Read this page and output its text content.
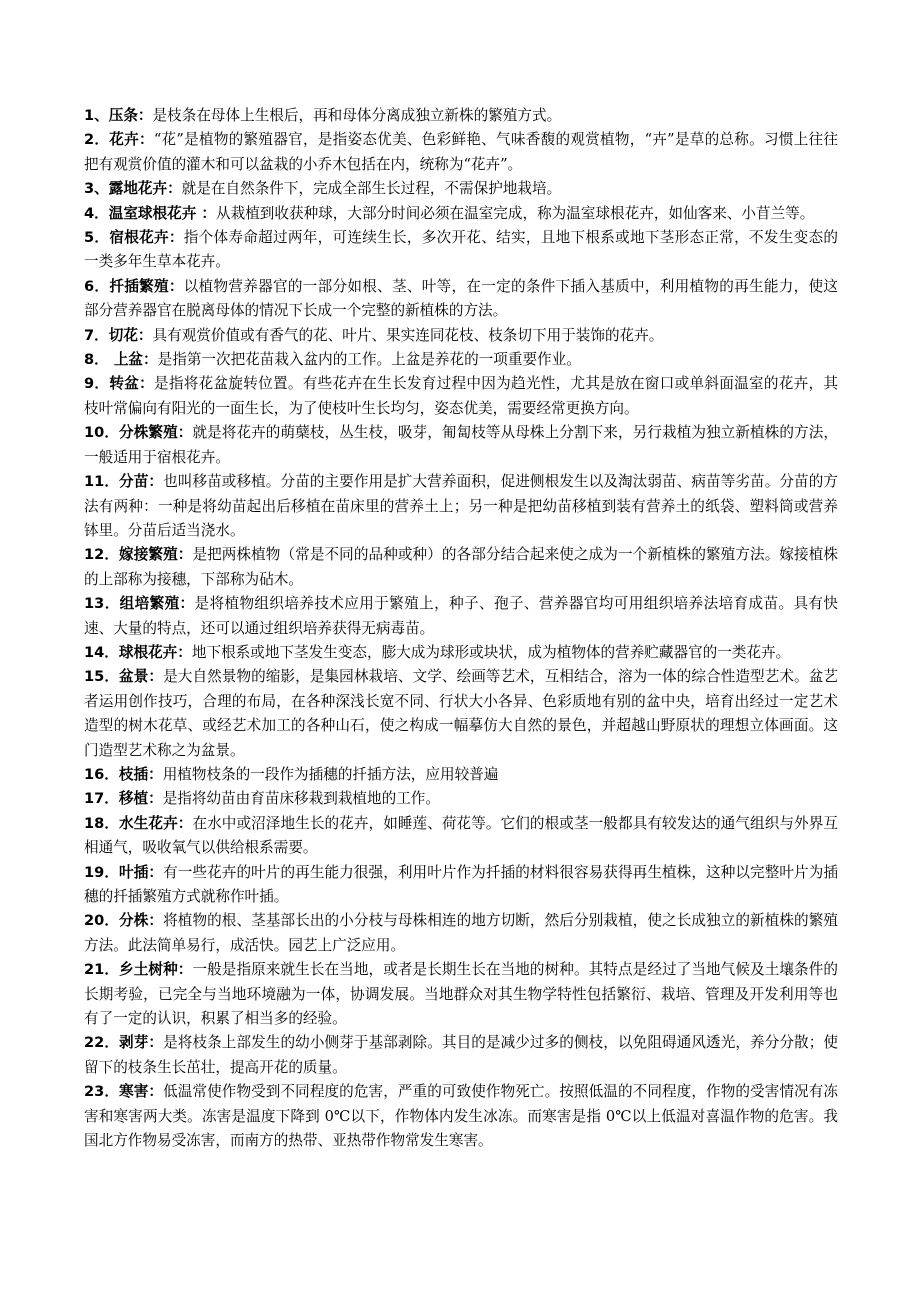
1、压条：是枝条在母体上生根后，再和母体分离成独立新株的繁殖方式。

2．花卉：“花”是植物的繁殖器官，是指姿态优美、色彩鲜艳、气味香馥的观赏植物，“卉”是草的总称。习惯上往往把有观赏价值的灌木和可以盆栽的小乔木包括在内，统称为“花卉”。

3、露地花卉：就是在自然条件下，完成全部生长过程，不需保护地栽培。

4．温室球根花卉 ：从栽植到收获种球，大部分时间必须在温室完成，称为温室球根花卉，如仙客来、小苜兰等。

5．宿根花卉：指个体寿命超过两年，可连续生长，多次开花、结实，且地下根系或地下茎形态正常，不发生变态的一类多年生草本花卉。

6．扦插繁殖：以植物营养器官的一部分如根、茎、叶等，在一定的条件下插入基质中，利用植物的再生能力，使这部分营养器官在脱离母体的情况下长成一个完整的新植株的方法。

7．切花：具有观赏价值或有香气的花、叶片、果实连同花枝、枝条切下用于装饰的花卉。

8． 上盆：是指第一次把花苗栽入盆内的工作。上盆是养花的一项重要作业。

9．转盆：是指将花盆旋转位置。有些花卉在生长发育过程中因为趋光性，尤其是放在窗口或单斜面温室的花卉，其枝叶常偏向有阳光的一面生长，为了使枝叶生长均匀，姿态优美，需要经常更换方向。

10．分株繁殖：就是将花卉的萌蘖枝，丛生枝，吸芽，匍匐枝等从母株上分割下来，另行栽植为独立新植株的方法，一般适用于宿根花卉。

11．分苗：也叫移苗或移植。分苗的主要作用是扩大营养面积，促进侧根发生以及淘汰弱苗、病苗等劣苗。分苗的方法有两种：一种是将幼苗起出后移植在苗床里的营养土上；另一种是把幼苗移植到装有营养土的纸袋、塑料筒或营养钵里。分苗后适当浇水。

12．嫁接繁殖：是把两株植物（常是不同的品种或种）的各部分结合起来使之成为一个新植株的繁殖方法。嫁接植株的上部称为接穗，下部称为砧木。

13．组培繁殖：是将植物组织培养技术应用于繁殖上，种子、孢子、营养器官均可用组织培养法培育成苗。具有快速、大量的特点，还可以通过组织培养获得无病毒苗。

14．球根花卉：地下根系或地下茎发生变态，膨大成为球形或块状，成为植物体的营养贮藏器官的一类花卉。

15．盆景：是大自然景物的缩影，是集园林栽培、文学、绘画等艺术，互相结合，溶为一体的综合性造型艺术。盆艺者运用创作技巧，合理的布局，在各种深浅长宽不同、行状大小各异、色彩质地有别的盆中央，培育出经过一定艺术造型的树木花草、或经艺术加工的各种山石，使之构成一幅摹仿大自然的景色，并超越山野原状的理想立体画面。这门造型艺术称之为盆景。

16．枝插：用植物枝条的一段作为插穗的扦插方法，应用较普遍

17．移植：是指将幼苗由育苗床移栽到栽植地的工作。

18．水生花卉：在水中或沼泽地生长的花卉，如睡莲、荷花等。它们的根或茎一般都具有较发达的通气组织与外界互相通气，吸收氧气以供给根系需要。

19．叶插：有一些花卉的叶片的再生能力很强，利用叶片作为扦插的材料很容易获得再生植株，这种以完整叶片为插穗的扦插繁殖方式就称作叶插。

20．分株：将植物的根、茎基部长出的小分枝与母株相连的地方切断，然后分别栽植，使之长成独立的新植株的繁殖方法。此法简单易行，成活快。园艺上广泛应用。

21．乡土树种：一般是指原来就生长在当地，或者是长期生长在当地的树种。其特点是经过了当地气候及土壤条件的长期考验，已完全与当地环境融为一体，协调发展。当地群众对其生物学特性包括繁衍、栽培、管理及开发利用等也有了一定的认识，积累了相当多的经验。

22．剥芽：是将枝条上部发生的幼小侧芽于基部剥除。其目的是减少过多的侧枝，以免阻碍通风透光，养分分散；使留下的枝条生长茁壮，提高开花的质量。

23．寒害：低温常使作物受到不同程度的危害，严重的可致使作物死亡。按照低温的不同程度，作物的受害情况有冻害和寒害两大类。冻害是温度下降到 0℃以下，作物体内发生冰冻。而寒害是指 0℃以上低温对喜温作物的危害。我国北方作物易受冻害，而南方的热带、亚热带作物常发生寒害。
